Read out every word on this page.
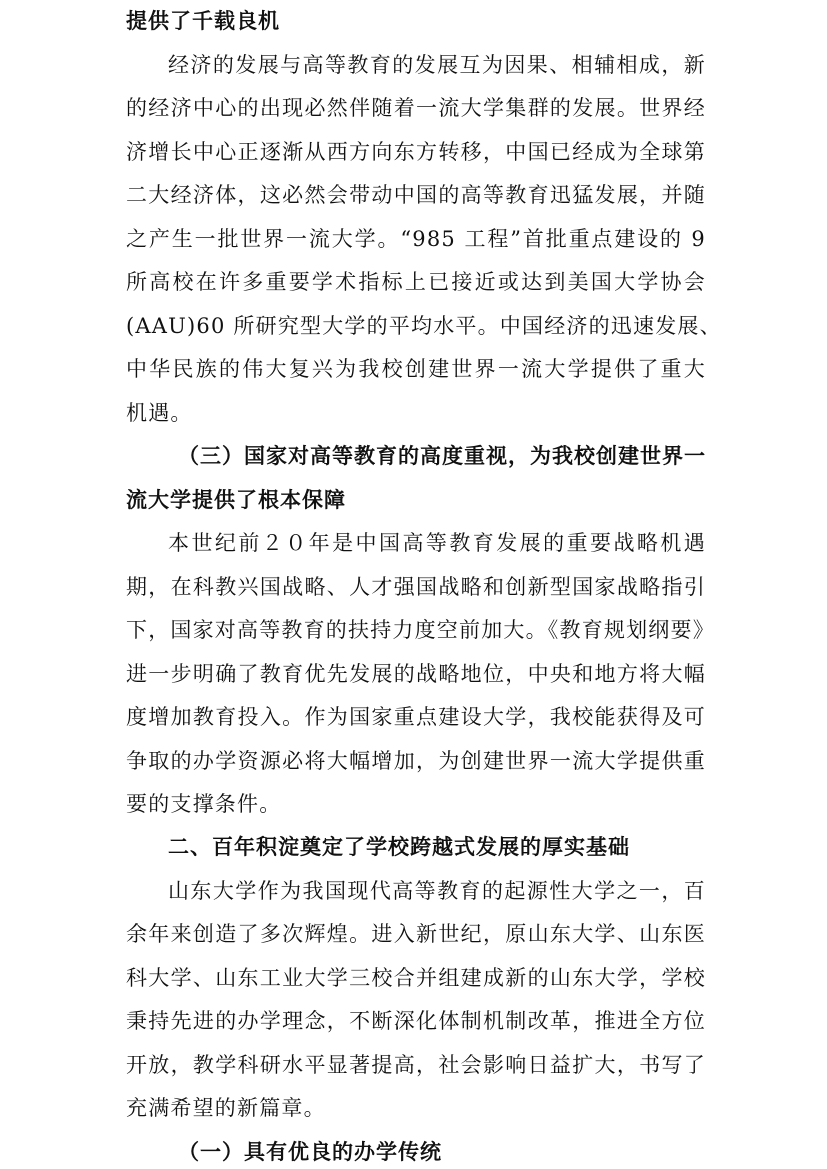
提供了千载良机
经济的发展与高等教育的发展互为因果、相辅相成，新
的经济中心的出现必然伴随着一流大学集群的发展。世界经
济增长中心正逐渐从西方向东方转移，中国已经成为全球第
二大经济体，这必然会带动中国的高等教育迅猛发展，并随
之产生一批世界一流大学。“985 工程”首批重点建设的 9
所高校在许多重要学术指标上已接近或达到美国大学协会
(AAU)60 所研究型大学的平均水平。中国经济的迅速发展、
中华民族的伟大复兴为我校创建世界一流大学提供了重大
机遇。
（三）国家对高等教育的高度重视，为我校创建世界一
流大学提供了根本保障
本世纪前２０年是中国高等教育发展的重要战略机遇
期，在科教兴国战略、人才强国战略和创新型国家战略指引
下，国家对高等教育的扶持力度空前加大。《教育规划纲要》
进一步明确了教育优先发展的战略地位，中央和地方将大幅
度增加教育投入。作为国家重点建设大学，我校能获得及可
争取的办学资源必将大幅增加，为创建世界一流大学提供重
要的支撑条件。
二、百年积淀奠定了学校跨越式发展的厚实基础
山东大学作为我国现代高等教育的起源性大学之一，百
余年来创造了多次辉煌。进入新世纪，原山东大学、山东医
科大学、山东工业大学三校合并组建成新的山东大学，学校
秉持先进的办学理念，不断深化体制机制改革，推进全方位
开放，教学科研水平显著提高，社会影响日益扩大，书写了
充满希望的新篇章。
（一）具有优良的办学传统
